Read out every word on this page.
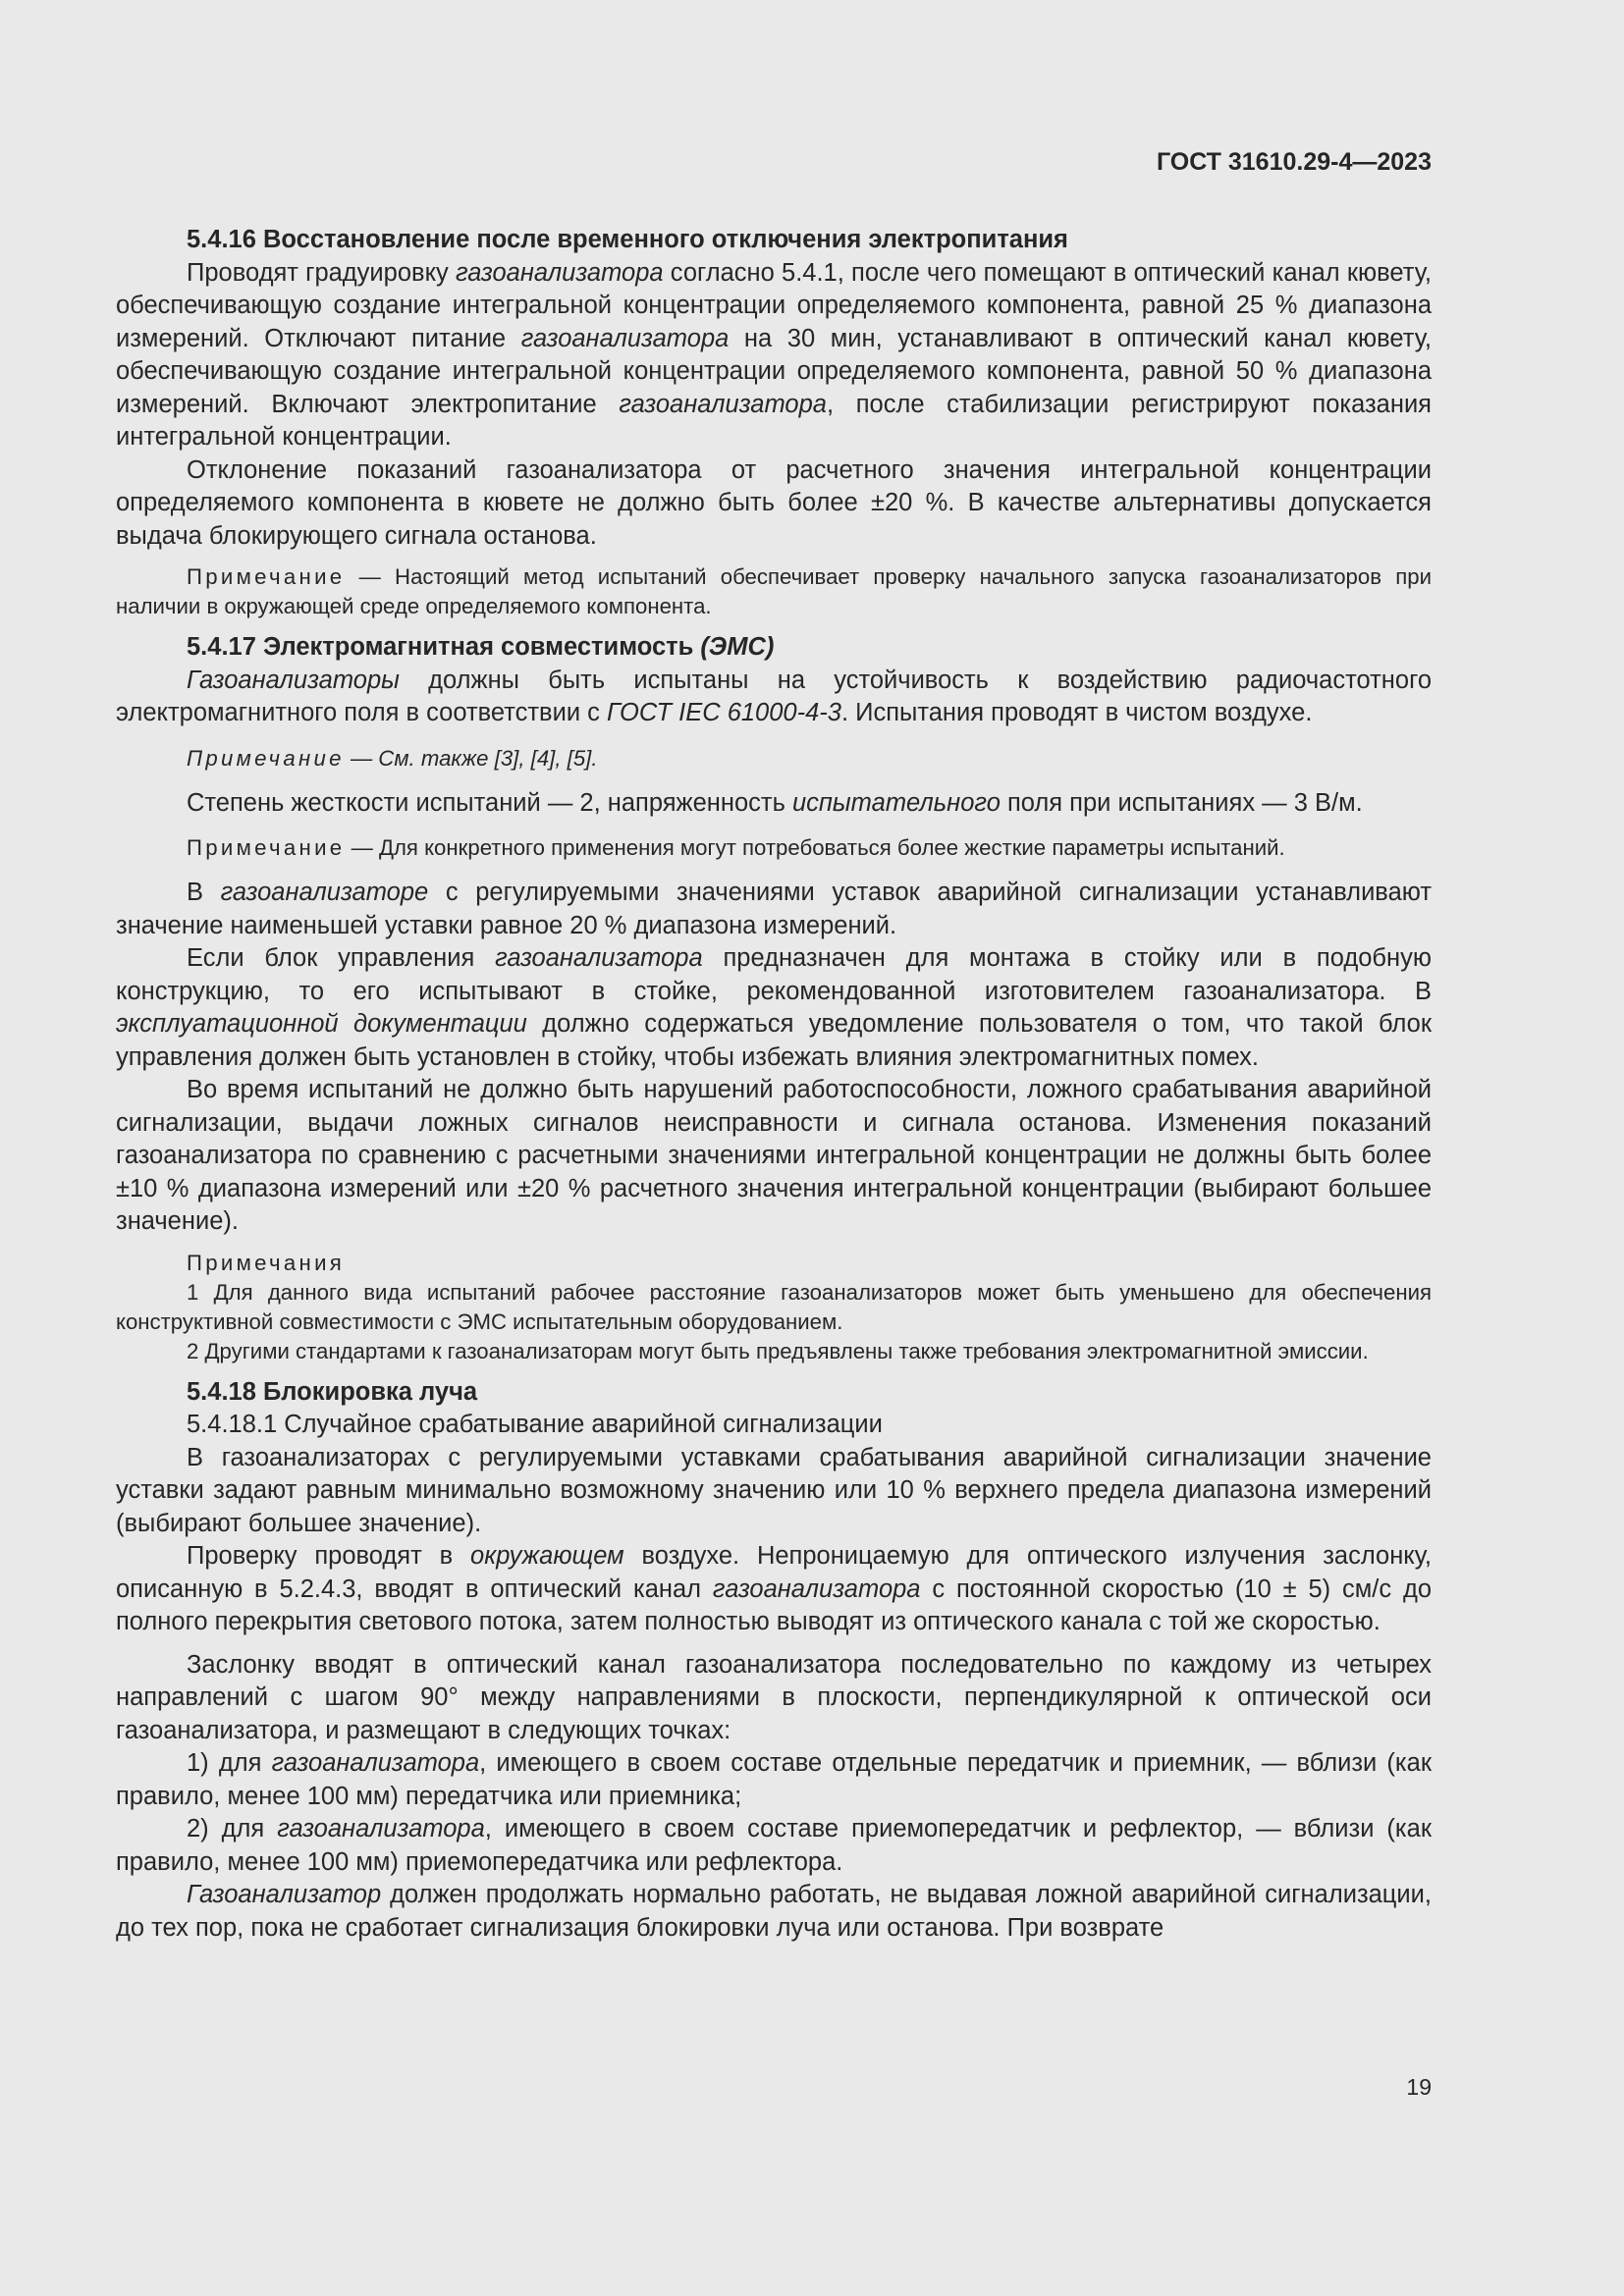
ГОСТ 31610.29-4—2023

5.4.16 Восстановление после временного отключения электропитания

Проводят градуировку газоанализатора согласно 5.4.1, после чего помещают в оптический канал кювету, обеспечивающую создание интегральной концентрации определяемого компонента, равной 25 % диапазона измерений. Отключают питание газоанализатора на 30 мин, устанавливают в оптический канал кювету, обеспечивающую создание интегральной концентрации определяемого компонента, равной 50 % диапазона измерений. Включают электропитание газоанализатора, после стабилизации регистрируют показания интегральной концентрации.

Отклонение показаний газоанализатора от расчетного значения интегральной концентрации определяемого компонента в кювете не должно быть более ±20 %. В качестве альтернативы допускается выдача блокирующего сигнала останова.

Примечание — Настоящий метод испытаний обеспечивает проверку начального запуска газоанализаторов при наличии в окружающей среде определяемого компонента.

5.4.17 Электромагнитная совместимость (ЭМС)

Газоанализаторы должны быть испытаны на устойчивость к воздействию радиочастотного электромагнитного поля в соответствии с ГОСТ IEC 61000-4-3. Испытания проводят в чистом воздухе.

Примечание — См. также [3], [4], [5].

Степень жесткости испытаний — 2, напряженность испытательного поля при испытаниях — 3 В/м.

Примечание — Для конкретного применения могут потребоваться более жесткие параметры испытаний.

В газоанализаторе с регулируемыми значениями уставок аварийной сигнализации устанавливают значение наименьшей уставки равное 20 % диапазона измерений.

Если блок управления газоанализатора предназначен для монтажа в стойку или в подобную конструкцию, то его испытывают в стойке, рекомендованной изготовителем газоанализатора. В эксплуатационной документации должно содержаться уведомление пользователя о том, что такой блок управления должен быть установлен в стойку, чтобы избежать влияния электромагнитных помех.

Во время испытаний не должно быть нарушений работоспособности, ложного срабатывания аварийной сигнализации, выдачи ложных сигналов неисправности и сигнала останова. Изменения показаний газоанализатора по сравнению с расчетными значениями интегральной концентрации не должны быть более ±10 % диапазона измерений или ±20 % расчетного значения интегральной концентрации (выбирают большее значение).

Примечания

1 Для данного вида испытаний рабочее расстояние газоанализаторов может быть уменьшено для обеспечения конструктивной совместимости с ЭМС испытательным оборудованием.

2 Другими стандартами к газоанализаторам могут быть предъявлены также требования электромагнитной эмиссии.

5.4.18 Блокировка луча

5.4.18.1 Случайное срабатывание аварийной сигнализации

В газоанализаторах с регулируемыми уставками срабатывания аварийной сигнализации значение уставки задают равным минимально возможному значению или 10 % верхнего предела диапазона измерений (выбирают большее значение).

Проверку проводят в окружающем воздухе. Непроницаемую для оптического излучения заслонку, описанную в 5.2.4.3, вводят в оптический канал газоанализатора с постоянной скоростью (10 ± 5) см/с до полного перекрытия светового потока, затем полностью выводят из оптического канала с той же скоростью.

Заслонку вводят в оптический канал газоанализатора последовательно по каждому из четырех направлений с шагом 90° между направлениями в плоскости, перпендикулярной к оптической оси газоанализатора, и размещают в следующих точках:

1) для газоанализатора, имеющего в своем составе отдельные передатчик и приемник, — вблизи (как правило, менее 100 мм) передатчика или приемника;

2) для газоанализатора, имеющего в своем составе приемопередатчик и рефлектор, — вблизи (как правило, менее 100 мм) приемопередатчика или рефлектора.

Газоанализатор должен продолжать нормально работать, не выдавая ложной аварийной сигнализации, до тех пор, пока не сработает сигнализация блокировки луча или останова. При возврате

19
